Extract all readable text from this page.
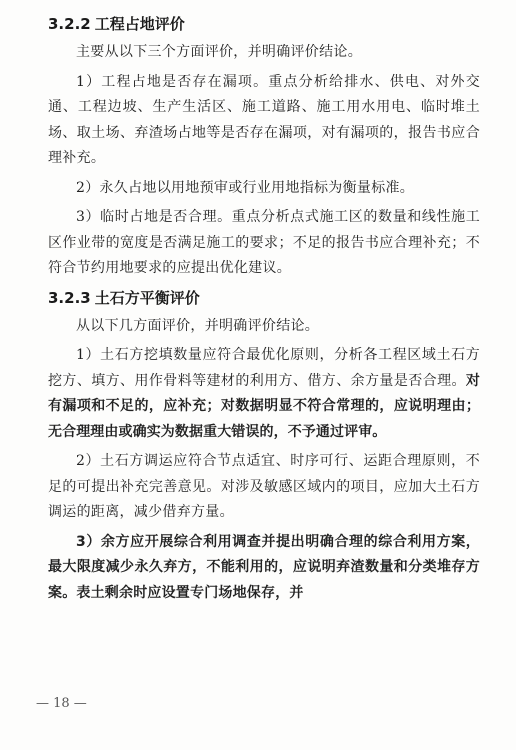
3.2.2 工程占地评价

主要从以下三个方面评价，并明确评价结论。

1）工程占地是否存在漏项。重点分析给排水、供电、对外交通、工程边坡、生产生活区、施工道路、施工用水用电、临时堆土场、取土场、弃渣场占地等是否存在漏项，对有漏项的，报告书应合理补充。

2）永久占地以用地预审或行业用地指标为衡量标准。

3）临时占地是否合理。重点分析点式施工区的数量和线性施工区作业带的宽度是否满足施工的要求；不足的报告书应合理补充；不符合节约用地要求的应提出优化建议。

3.2.3 土石方平衡评价

从以下几方面评价，并明确评价结论。

1）土石方挖填数量应符合最优化原则，分析各工程区域土石方挖方、填方、用作骨料等建材的利用方、借方、余方量是否合理。对有漏项和不足的，应补充；对数据明显不符合常理的，应说明理由；无合理理由或确实为数据重大错误的，不予通过评审。

2）土石方调运应符合节点适宜、时序可行、运距合理原则，不足的可提出补充完善意见。对涉及敏感区域内的项目，应加大土石方调运的距离，减少借弃方量。

3）余方应开展综合利用调查并提出明确合理的综合利用方案，最大限度减少永久弃方，不能利用的，应说明弃渣数量和分类堆存方案。表土剩余时应设置专门场地保存，并

— 18 —
